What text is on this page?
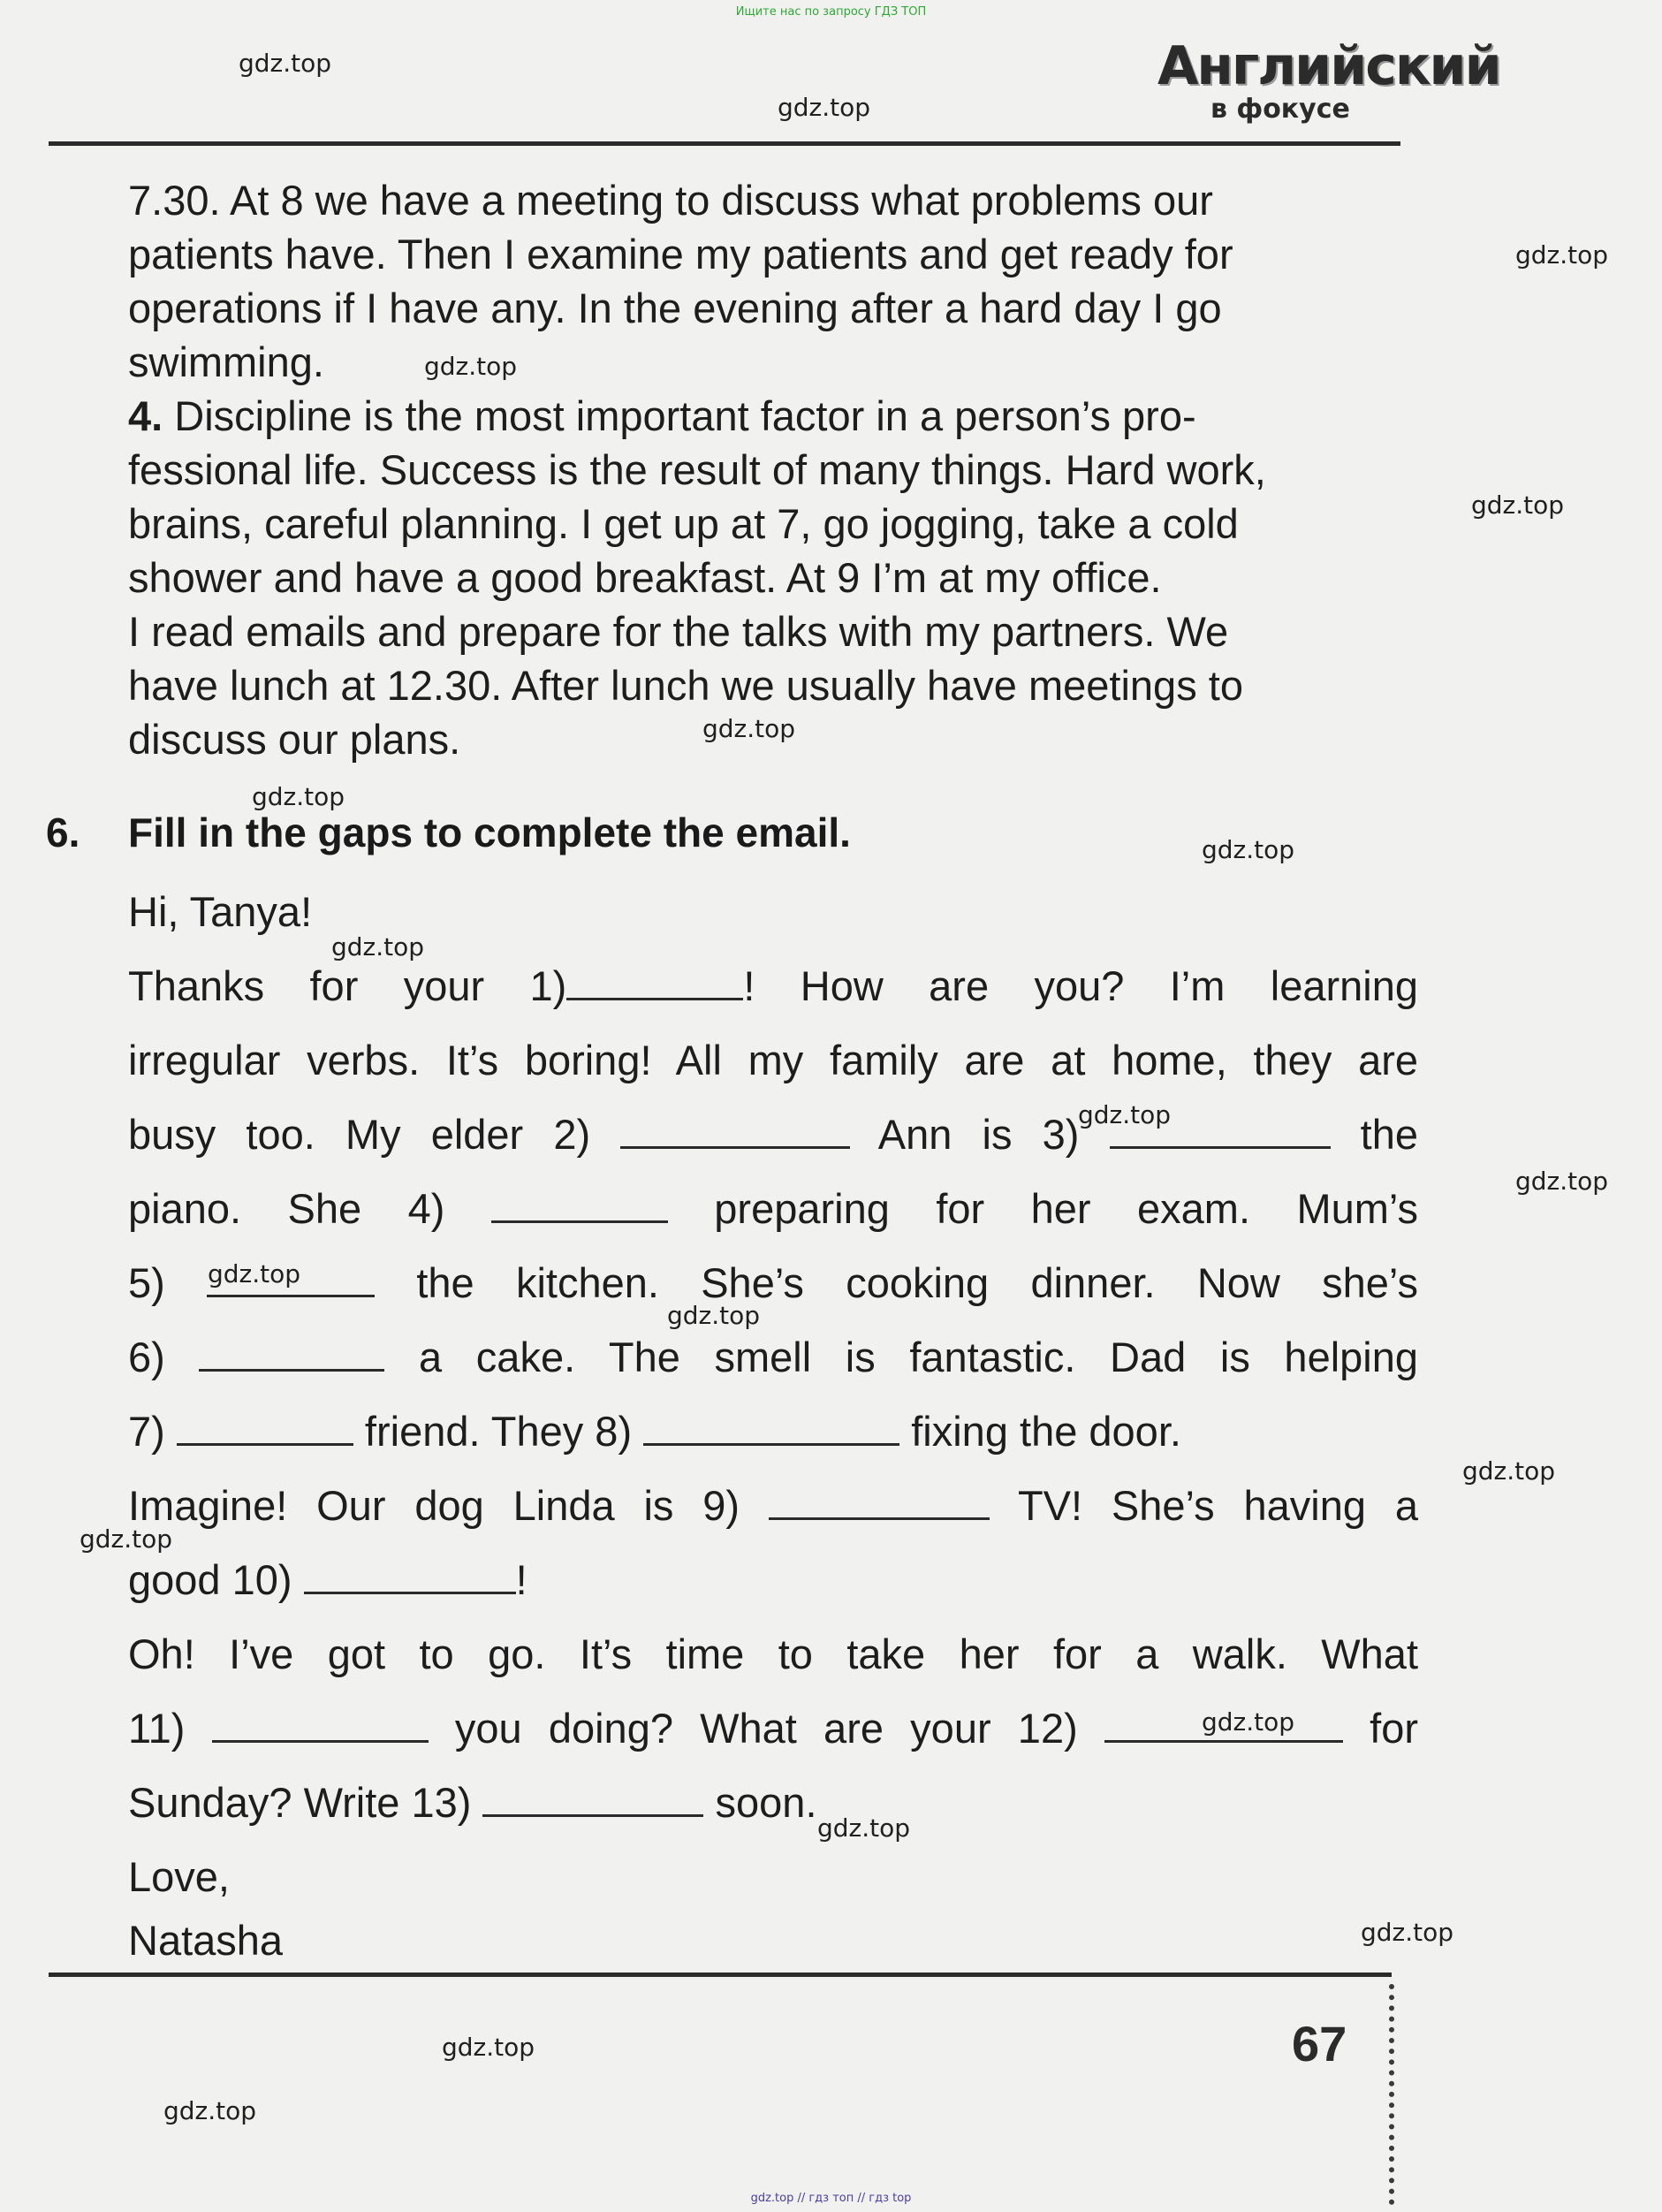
Ищите нас по запросу ГДЗ ТОП
Английский
в фокусе
gdz.top
gdz.top
gdz.top
gdz.top
gdz.top
gdz.top
gdz.top
gdz.top
gdz.top
gdz.top
gdz.top
gdz.top
gdz.top
gdz.top
gdz.top
gdz.top
gdz.top
gdz.top
gdz.top
gdz.top

7.30. At 8 we have a meeting to discuss what problems our

patients have. Then I examine my patients and get ready for

operations if I have any. In the evening after a hard day I go

swimming.

4. Discipline is the most important factor in a person’s pro-

fessional life. Success is the result of many things. Hard work,

brains, careful planning. I get up at 7, go jogging, take a cold

shower and have a good breakfast. At 9 I’m at my office.

I read emails and prepare for the talks with my partners. We

have lunch at 12.30. After lunch we usually have meetings to

discuss our plans.

6. Fill in the gaps to complete the email.
Hi, Tanya!
Thanks for your 1)	! How are you? I’m learning
irregular verbs. It’s boring! All my family are at home, they are
busy too. My elder 2)	Ann is 3)	the
piano. She 4)	preparing for her exam. Mum’s
5)	the kitchen. She’s cooking dinner. Now she’s
6)	a cake. The smell is fantastic. Dad is helping
7)	friend. They 8)	fixing the door.
Imagine! Our dog Linda is 9)	TV! She’s having a
good 10)	!
Oh! I’ve got to go. It’s time to take her for a walk. What
11)	you doing? What are your 12)	for
Sunday? Write 13)	soon.
Love,
Natasha
67
gdz.top // гдз топ // гдз top
